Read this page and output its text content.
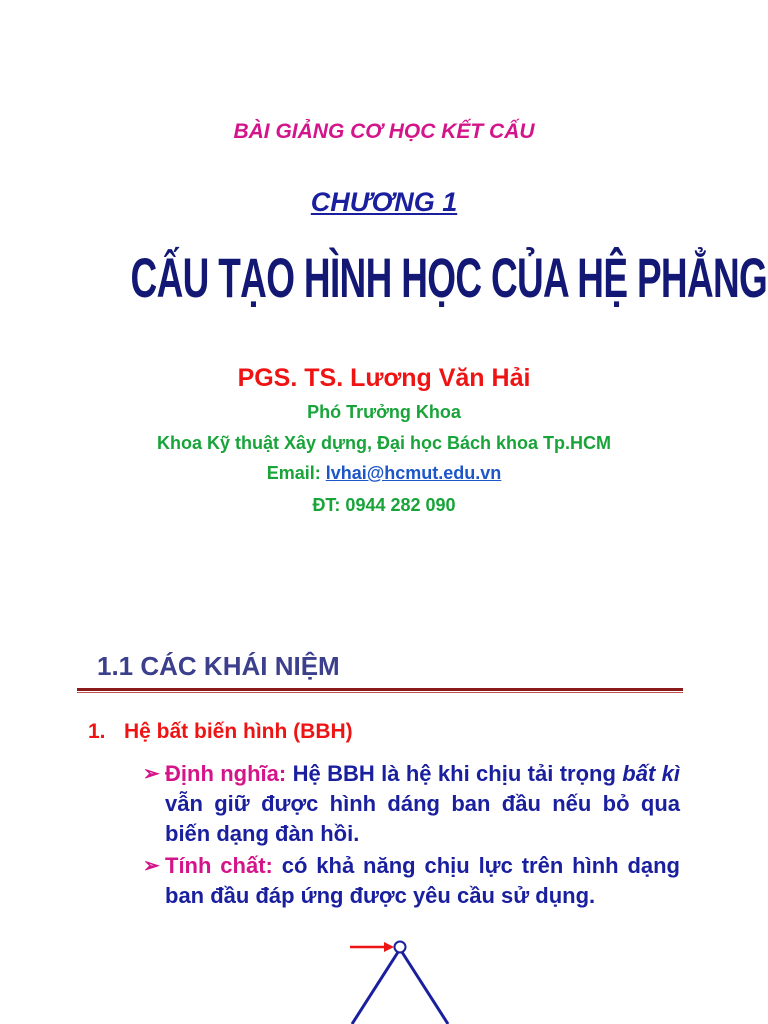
BÀI GIẢNG CƠ HỌC KẾT CẤU
CHƯƠNG 1
CẤU TẠO HÌNH HỌC CỦA HỆ PHẲNG
PGS. TS. Lương Văn Hải
Phó Trưởng Khoa
Khoa Kỹ thuật Xây dựng, Đại học Bách khoa Tp.HCM
Email: lvhai@hcmut.edu.vn
ĐT: 0944 282 090
1.1 CÁC KHÁI NIỆM
1. Hệ bất biến hình (BBH)
➢ Định nghĩa: Hệ BBH là hệ khi chịu tải trọng bất kì vẫn giữ được hình dáng ban đầu nếu bỏ qua biến dạng đàn hồi.
➢ Tính chất: có khả năng chịu lực trên hình dạng ban đầu đáp ứng được yêu cầu sử dụng.
